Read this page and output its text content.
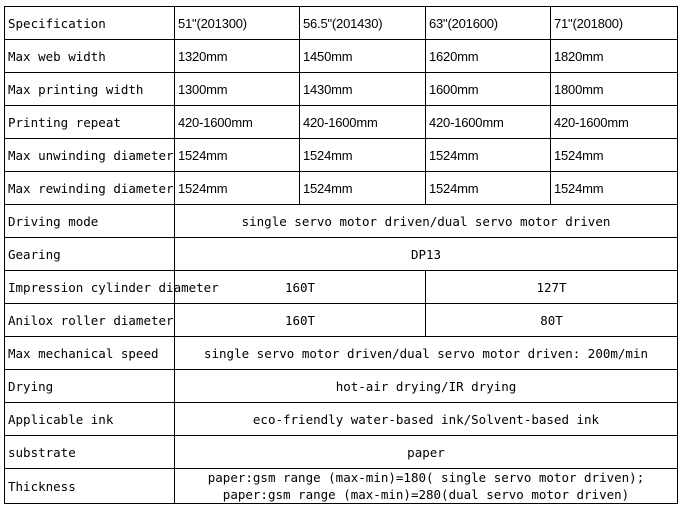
Specification	51"(201300)	56.5"(201430)	63"(201600)	71"(201800)
Max web width	1320mm	1450mm	1620mm	1820mm
Max printing width	1300mm	1430mm	1600mm	1800mm
Printing repeat	420-1600mm	420-1600mm	420-1600mm	420-1600mm
Max unwinding diameter	1524mm	1524mm	1524mm	1524mm
Max rewinding diameter	1524mm	1524mm	1524mm	1524mm
Driving mode	single servo motor driven/dual servo motor driven			
Gearing	DP13			
Impression cylinder diameter	160T		127T	
Anilox roller diameter	160T		80T	
Max mechanical speed	single servo motor driven/dual servo motor driven: 200m/min			
Drying	hot-air drying/IR drying			
Applicable ink	eco-friendly water-based ink/Solvent-based ink			
substrate	paper			
Thickness	paper:gsm range (max-min)=180( single servo motor driven);
paper:gsm range (max-min)=280(dual servo motor driven)			
